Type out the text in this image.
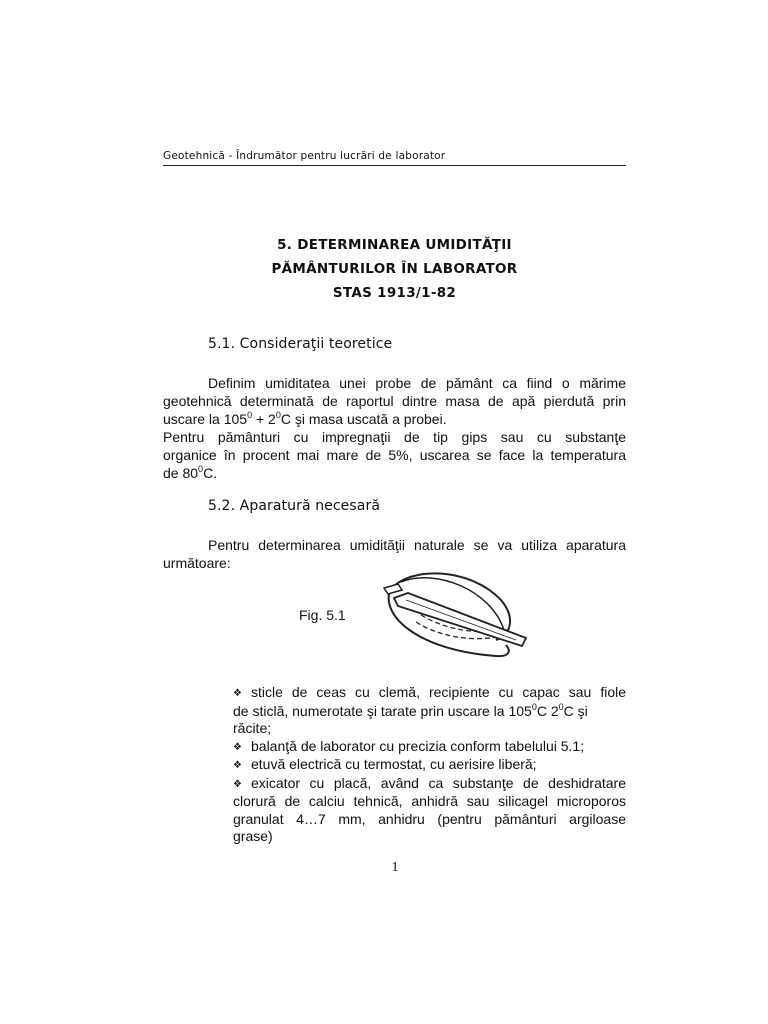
Geotehnică - Îndrumător pentru lucrări de laborator
5. DETERMINAREA UMIDITĂŢII
PĂMÂNTURILOR ÎN LABORATOR
STAS 1913/1-82
5.1. Consideraţii teoretice
Definim umiditatea unei probe de pământ ca fiind o mărime
geotehnică determinată de raportul dintre masa de apă pierdută prin
uscare la $105^0 + 2^0C$ şi masa uscată a probei.
Pentru pământuri cu impregnaţii de tip gips sau cu substanţe
organice în procent mai mare de 5%, uscarea se face la temperatura
de $80^0C$.
5.2. Aparatură necesară
Pentru determinarea umidităţii naturale se va utiliza aparatura
următoare:
Fig. 5.1
❖ sticle de ceas cu clemă, recipiente cu capac sau fiole
de sticlă, numerotate şi tarate prin uscare la $105^0C$ $2^0C$ şi
răcite;
❖ balanţă de laborator cu precizia conform tabelului 5.1;
❖ etuvă electrică cu termostat, cu aerisire liberă;
❖ exicator cu placă, având ca substanţe de deshidratare
clorură de calciu tehnică, anhidră sau silicagel microporos
granulat 4…7 mm, anhidru (pentru pământuri argiloase
grase)
1
